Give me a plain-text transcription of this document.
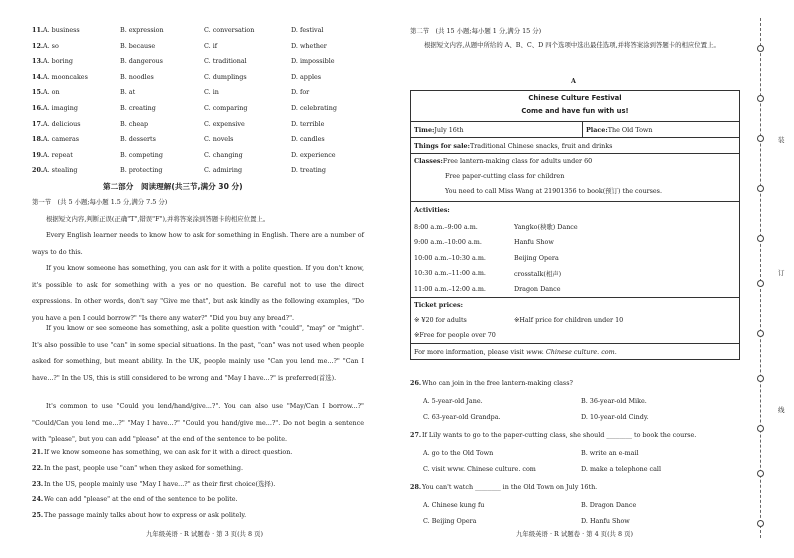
11. A. business	B. expression	C. conversation	D. festival
12. A. so	B. because	C. if	D. whether
13. A. boring	B. dangerous	C. traditional	D. impossible
14. A. mooncakes	B. noodles	C. dumplings	D. apples
15. A. on	B. at	C. in	D. for
16. A. imaging	B. creating	C. comparing	D. celebrating
17. A. delicious	B. cheap	C. expensive	D. terrible
18. A. cameras	B. desserts	C. novels	D. candles
19. A. repeat	B. competing	C. changing	D. experience
20. A. stealing	B. protecting	C. admiring	D. treating
根据短文内容,判断正误(正确"T",错误"F"),并将答案涂到答题卡的相应位置上。
第二部分　阅读理解(共三节,满分 30 分)
第一节　(共 5 小题;每小题 1.5 分,满分 7.5 分)
Every English learner needs to know how to ask for something in English. There are a number of ways to do this.
If you know someone has something, you can ask for it with a polite question. If you don't know, it's possible to ask for something with a yes or no question. Be careful not to use the direct expressions. In other words, don't say "Give me that", but ask kindly as the following examples, "Do you have a pen I could borrow?" "Is there any water?" "Did you buy any bread?".
If you know or see someone has something, ask a polite question with "could", "may" or "might". It's also possible to use "can" in some special situations. In the past, "can" was not used when people asked for something, but meant ability. In the UK, people mainly use "Can you lend me...?" "Can I have...?" In the US, this is still considered to be wrong and "May I have...?" is preferred(首选).
It's common to use "Could you lend/hand/give...?". You can also use "May/Can I borrow...?" "Could/Can you lend me...?" "May I have...?" "Could you hand/give me...?". Do not begin a sentence with "please", but you can add "please" at the end of the sentence to be polite.
21. If we know someone has something, we can ask for it with a direct question.
22. In the past, people use "can" when they asked for something.
23. In the US, people mainly use "May I have...?" as their first choice(选择).
24. We can add "please" at the end of the sentence to be polite.
25. The passage mainly talks about how to express or ask politely.
九年级英语 · R 试题卷 · 第 3 页(共 8 页)
第二节　(共 15 小题;每小题 1 分,满分 15 分)
根据短文内容,从题中所给的 A、B、C、D 四个选项中选出最佳选项,并将答案涂到答题卡的相应位置上。
A
Chinese Culture Festival
Come and have fun with us!

Time:July 16th	Place:The Old Town
Things for sale:Traditional Chinese snacks, fruit and drinks

Classes:Free lantern-making class for adults under 60
Free paper-cutting class for children
You need to call Miss Wang at 21901356 to book(预订) the courses.

Activities:
8:00 a.m.–9:00 a.m.	Yangko(秧歌) Dance
9:00 a.m.–10:00 a.m.	Hanfu Show
10:00 a.m.–10:30 a.m.	Beijing Opera
10:30 a.m.–11:00 a.m.	crosstalk(相声)
11:00 a.m.–12:00 a.m.	Dragon Dance

Ticket prices:
※ ¥20 for adults	※Half price for children under 10
※Free for people over 70

For more information, please visit www. Chinese culture. com.
26. Who can join in the free lantern-making class?
A. 5-year-old Jane.	B. 36-year-old Mike.
C. 63-year-old Grandpa.	D. 10-year-old Cindy.
27. If Lily wants to go to the paper-cutting class, she should ________ to book the course.
A. go to the Old Town	B. write an e-mail
C. visit www. Chinese culture. com	D. make a telephone call
28. You can't watch ________ in the Old Town on July 16th.
A. Chinese kung fu	B. Dragon Dance
C. Beijing Opera	D. Hanfu Show
九年级英语 · R 试题卷 · 第 4 页(共 8 页)
装
订
线
